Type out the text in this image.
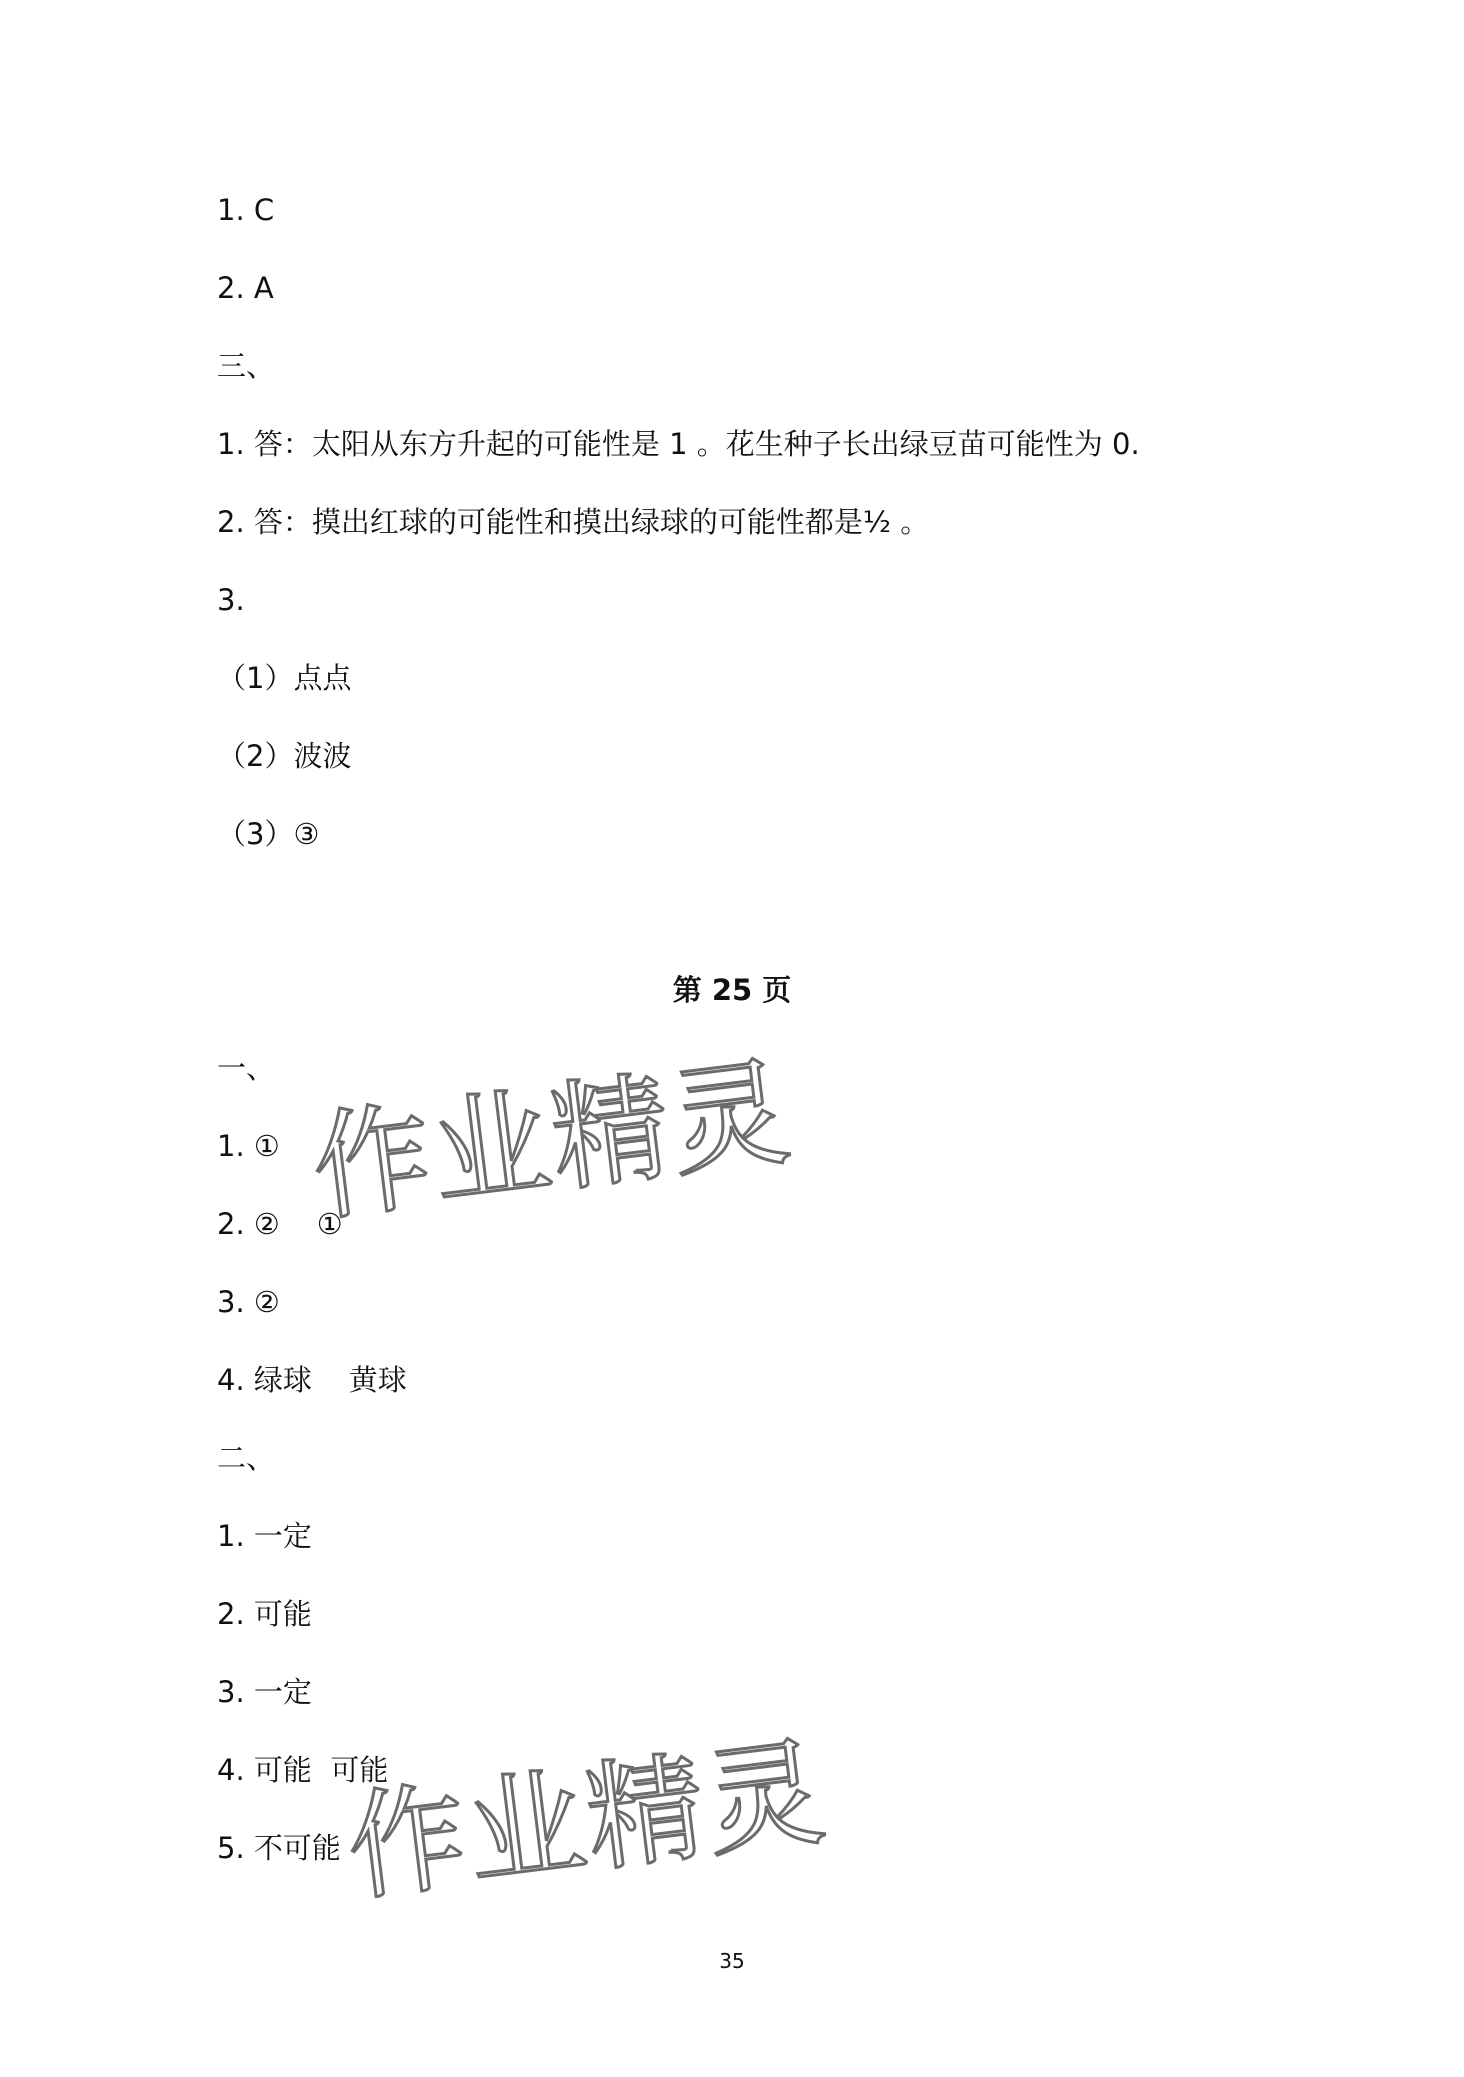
1. C
2. A
三、
1. 答：太阳从东方升起的可能性是 1 。花生种子长出绿豆苗可能性为 0.
2. 答：摸出红球的可能性和摸出绿球的可能性都是½ 。
3.
（1）点点
（2）波波
（3）③
第 25 页
一、
1. ①
2. ②    ①
3. ②
4. 绿球    黄球
二、
1. 一定
2. 可能
3. 一定
4. 可能  可能
5. 不可能
作业精灵
作业精灵
35
